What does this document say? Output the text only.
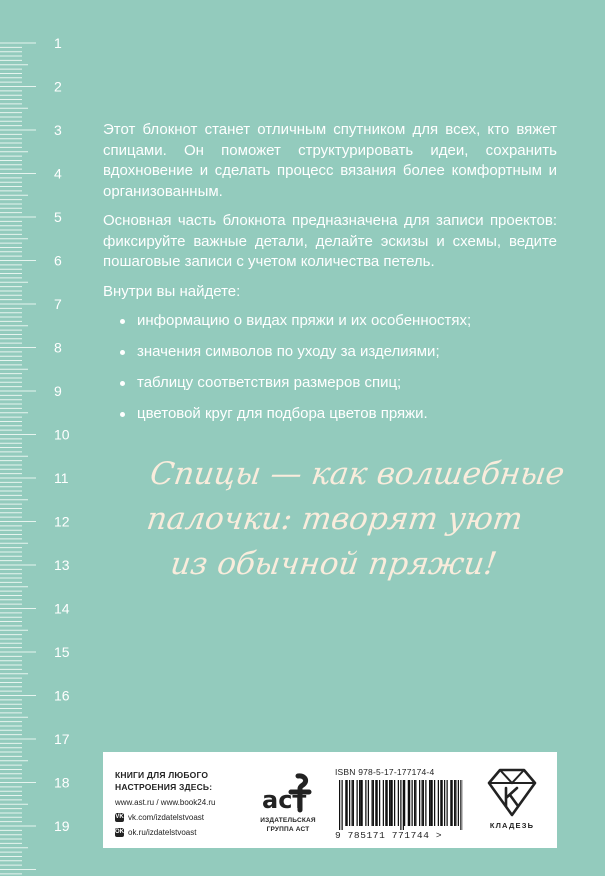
1
2
3
4
5
6
7
8
9
10
11
12
13
14
15
16
17
18
19

Этот блокнот станет отличным спутником для всех, кто вяжет спицами. Он поможет структурировать идеи, сохранить вдохновение и сделать процесс вязания более комфортным и организованным.

Основная часть блокнота предназначена для записи проектов: фиксируйте важные детали, делайте эскизы и схемы, ведите пошаговые записи с учетом количества петель.

Внутри вы найдете:

информацию о видах пряжи и их особенностях;
значения символов по уходу за изделиями;
таблицу соответствия размеров спиц;
цветовой круг для подбора цветов пряжи.
Спицы — как волшебные
палочки: творят уют
из обычной пряжи!
КНИГИ ДЛЯ ЛЮБОГО
НАСТРОЕНИЯ ЗДЕСЬ:
www.ast.ru / www.book24.ru
VK vk.com/izdatelstvoast
OK ok.ru/izdatelstvoast
аст
ИЗДАТЕЛЬСКАЯ
ГРУППА АСТ
ISBN 978-5-17-177174-4
9 785171 771744 >
КЛАДЕЗЬ
